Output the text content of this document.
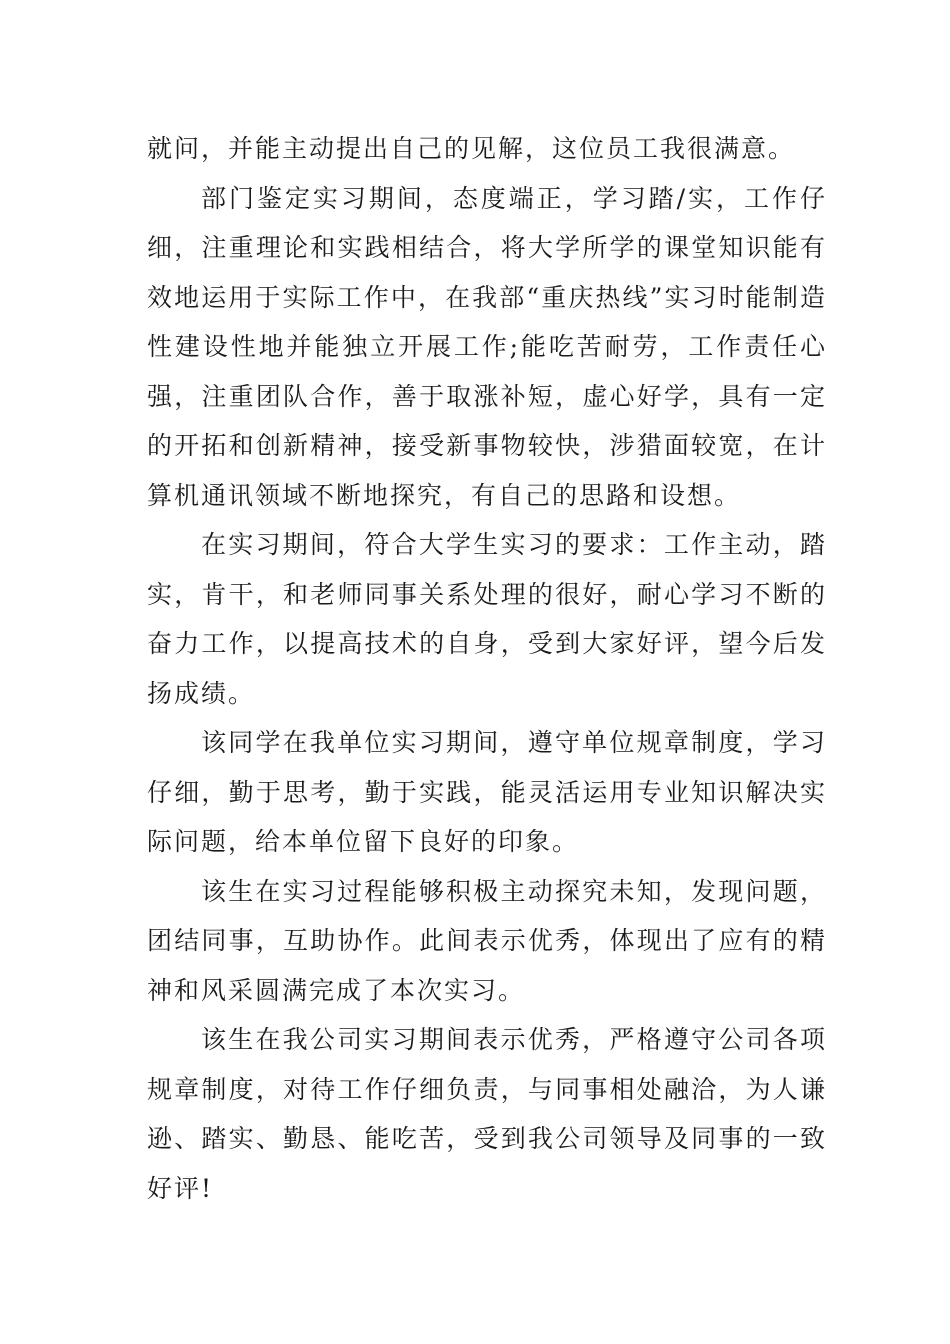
就问，并能主动提出自己的见解，这位员工我很满意。

部门鉴定实习期间，态度端正，学习踏/实，工作仔细，注重理论和实践相结合，将大学所学的课堂知识能有效地运用于实际工作中，在我部“重庆热线”实习时能制造性建设性地并能独立开展工作;能吃苦耐劳，工作责任心强，注重团队合作，善于取涨补短，虚心好学，具有一定的开拓和创新精神，接受新事物较快，涉猎面较宽，在计算机通讯领域不断地探究，有自己的思路和设想。

在实习期间，符合大学生实习的要求：工作主动，踏实，肯干，和老师同事关系处理的很好，耐心学习不断的奋力工作，以提高技术的自身，受到大家好评，望今后发扬成绩。

该同学在我单位实习期间，遵守单位规章制度，学习仔细，勤于思考，勤于实践，能灵活运用专业知识解决实际问题，给本单位留下良好的印象。

该生在实习过程能够积极主动探究未知，发现问题，团结同事，互助协作。此间表示优秀，体现出了应有的精神和风采圆满完成了本次实习。

该生在我公司实习期间表示优秀，严格遵守公司各项规章制度，对待工作仔细负责，与同事相处融洽，为人谦逊、踏实、勤恳、能吃苦，受到我公司领导及同事的一致好评!
